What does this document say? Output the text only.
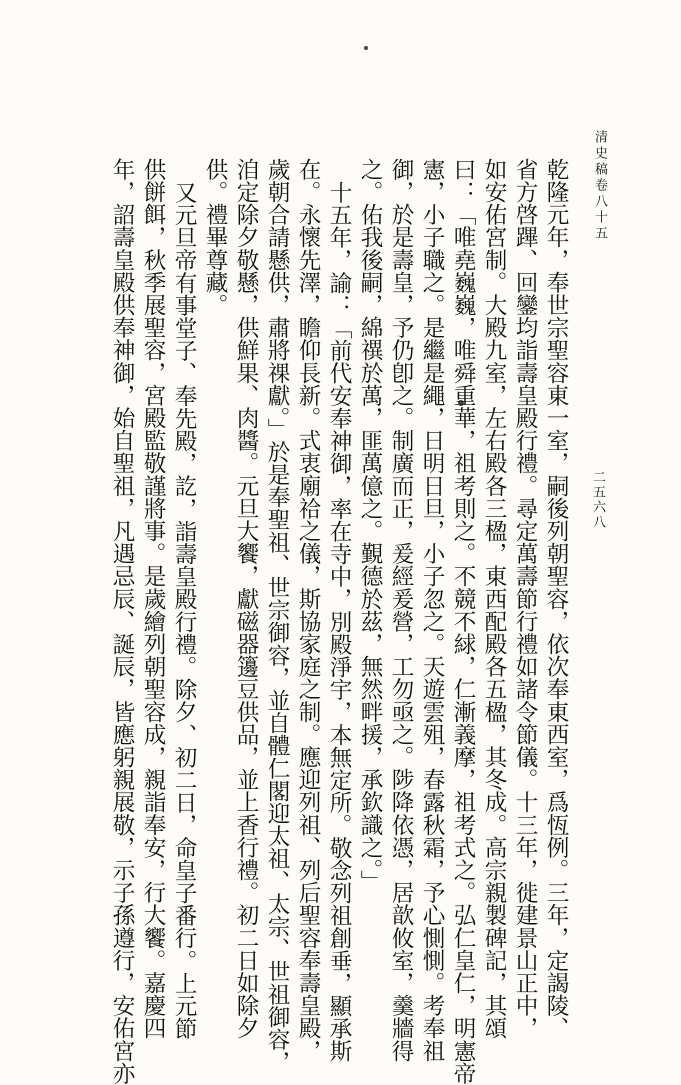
清史稿卷八十五
二五六八
乾隆元年，奉世宗聖容東一室，嗣後列朝聖容，依次奉東西室，爲恆例。三年，定謁陵、
省方啓蹕、回鑾均詣壽皇殿行禮。尋定萬壽節行禮如諸令節儀。十三年，徙建景山正中，
如安佑宮制。大殿九室，左右殿各三楹，東西配殿各五楹，其冬成。高宗親製碑記，其頌
曰：「唯堯巍巍，唯舜重華，祖考則之。不競不絿，仁漸義摩，祖考式之。弘仁皇仁，明憲帝
憲，小子職之。是繼是繩，日明日旦，小子忽之。天遊雲殂，春露秋霜，予心惻惻。考奉祖
御，於是壽皇，予仍卽之。制廣而正，爰經爰營，工勿亟之。陟降依憑，居歆攸室，羹牆得
之。佑我後嗣，綿禩於萬，匪萬億之。覲德於茲，無然畔援，承欽識之。」
十五年，諭：「前代安奉神御，率在寺中，別殿淨宇，本無定所。敬念列祖創垂，顯承斯
在。永懷先澤，瞻仰長新。式衷廟祫之儀，斯協家庭之制。應迎列祖、列后聖容奉壽皇殿，
歲朝合請懸供，肅將祼獻。」於是奉聖祖、世宗御容，並自體仁閣迎太祖、太宗、世祖御容，
洎定除夕敬懸，供鮮果、肉醬。元旦大饗，獻磁器籩豆供品，並上香行禮。初二日如除夕
供。禮畢尊藏。
又元旦帝有事堂子、奉先殿，訖，詣壽皇殿行禮。除夕、初二日，命皇子番行。上元節
供餅餌，秋季展聖容，宮殿監敬謹將事。是歲繪列朝聖容成，親詣奉安，行大饗。嘉慶四
年，詔壽皇殿供奉神御，始自聖祖，凡遇忌辰、誕辰，皆應躬親展敬，示子孫遵行，安佑宮亦
